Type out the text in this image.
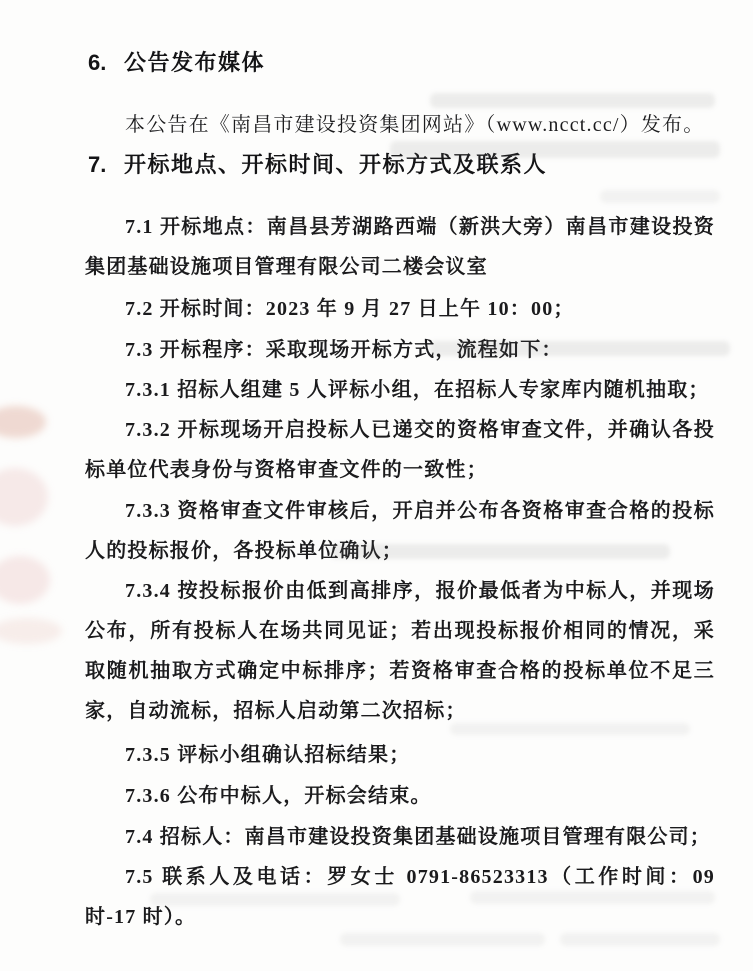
6. 公告发布媒体

本公告在《南昌市建设投资集团网站》（www.ncct.cc/）发布。

7. 开标地点、开标时间、开标方式及联系人

7.1 开标地点：南昌县芳湖路西端（新洪大旁）南昌市建设投资集团基础设施项目管理有限公司二楼会议室

7.2 开标时间：2023 年 9 月 27 日上午 10：00；

7.3 开标程序：采取现场开标方式，流程如下：

7.3.1 招标人组建 5 人评标小组，在招标人专家库内随机抽取；

7.3.2 开标现场开启投标人已递交的资格审查文件，并确认各投标单位代表身份与资格审查文件的一致性；

7.3.3 资格审查文件审核后，开启并公布各资格审查合格的投标人的投标报价，各投标单位确认；

7.3.4 按投标报价由低到高排序，报价最低者为中标人，并现场公布，所有投标人在场共同见证；若出现投标报价相同的情况，采取随机抽取方式确定中标排序；若资格审查合格的投标单位不足三家，自动流标，招标人启动第二次招标；

7.3.5 评标小组确认招标结果；

7.3.6 公布中标人，开标会结束。

7.4 招标人：南昌市建设投资集团基础设施项目管理有限公司；

7.5 联系人及电话：罗女士 0791-86523313（工作时间：09 时-17 时）。
